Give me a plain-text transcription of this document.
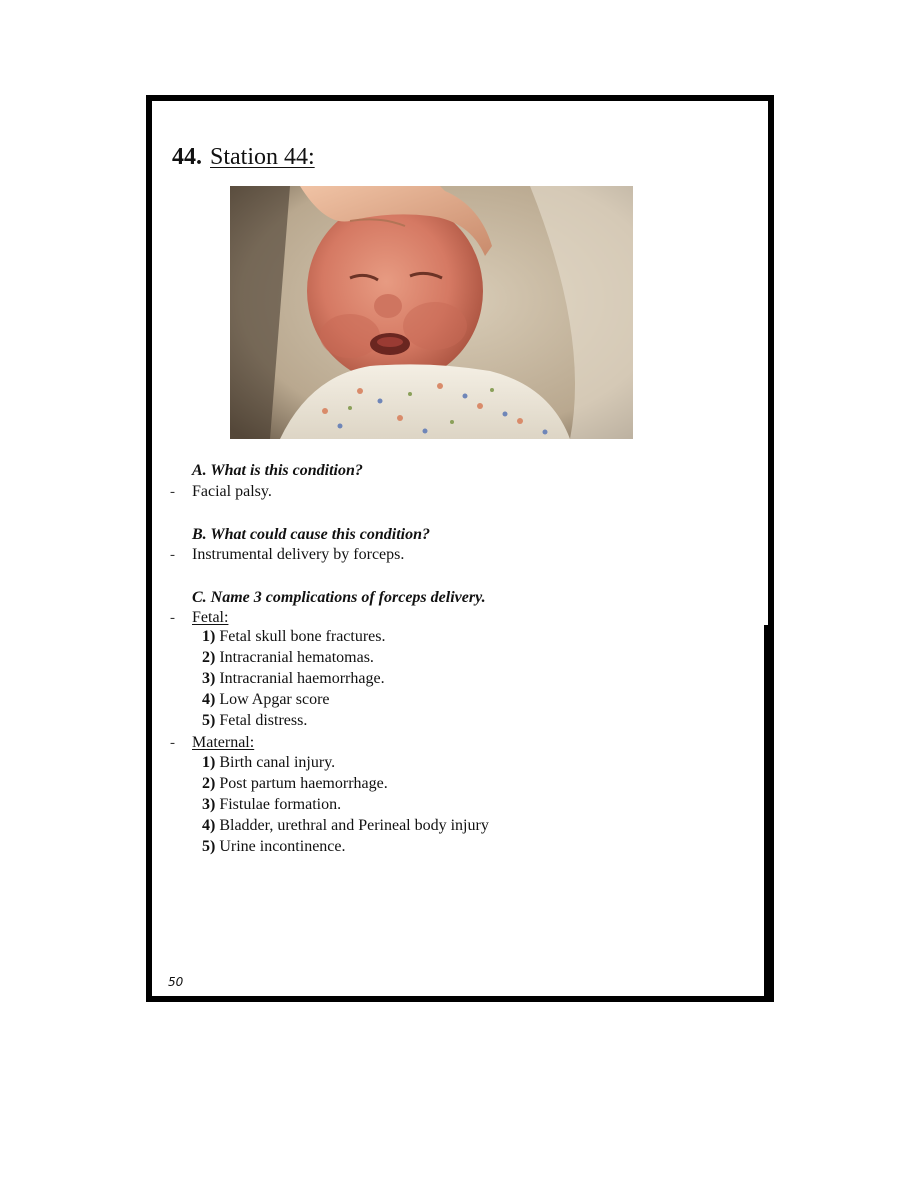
44. Station 44:
A. What is this condition?
- Facial palsy.
B. What could cause this condition?
- Instrumental delivery by forceps.
C. Name 3 complications of forceps delivery.
- Fetal:
1) Fetal skull bone fractures.
2) Intracranial hematomas.
3) Intracranial haemorrhage.
4) Low Apgar score
5) Fetal distress.
- Maternal:
1) Birth canal injury.
2) Post partum haemorrhage.
3) Fistulae formation.
4) Bladder, urethral and Perineal body injury
5) Urine incontinence.
50
